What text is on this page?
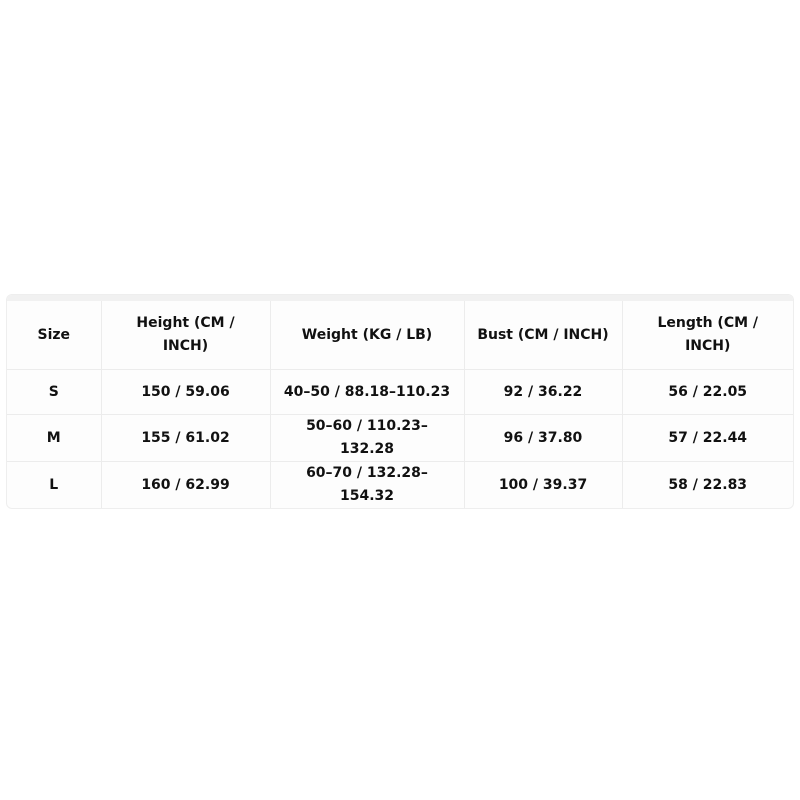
Size	Height (CM / INCH)	Weight (KG / LB)	Bust (CM / INCH)	Length (CM / INCH)
S	150 / 59.06	40–50 / 88.18–110.23	92 / 36.22	56 / 22.05
M	155 / 61.02	50–60 / 110.23–132.28	96 / 37.80	57 / 22.44
L	160 / 62.99	60–70 / 132.28–154.32	100 / 39.37	58 / 22.83
